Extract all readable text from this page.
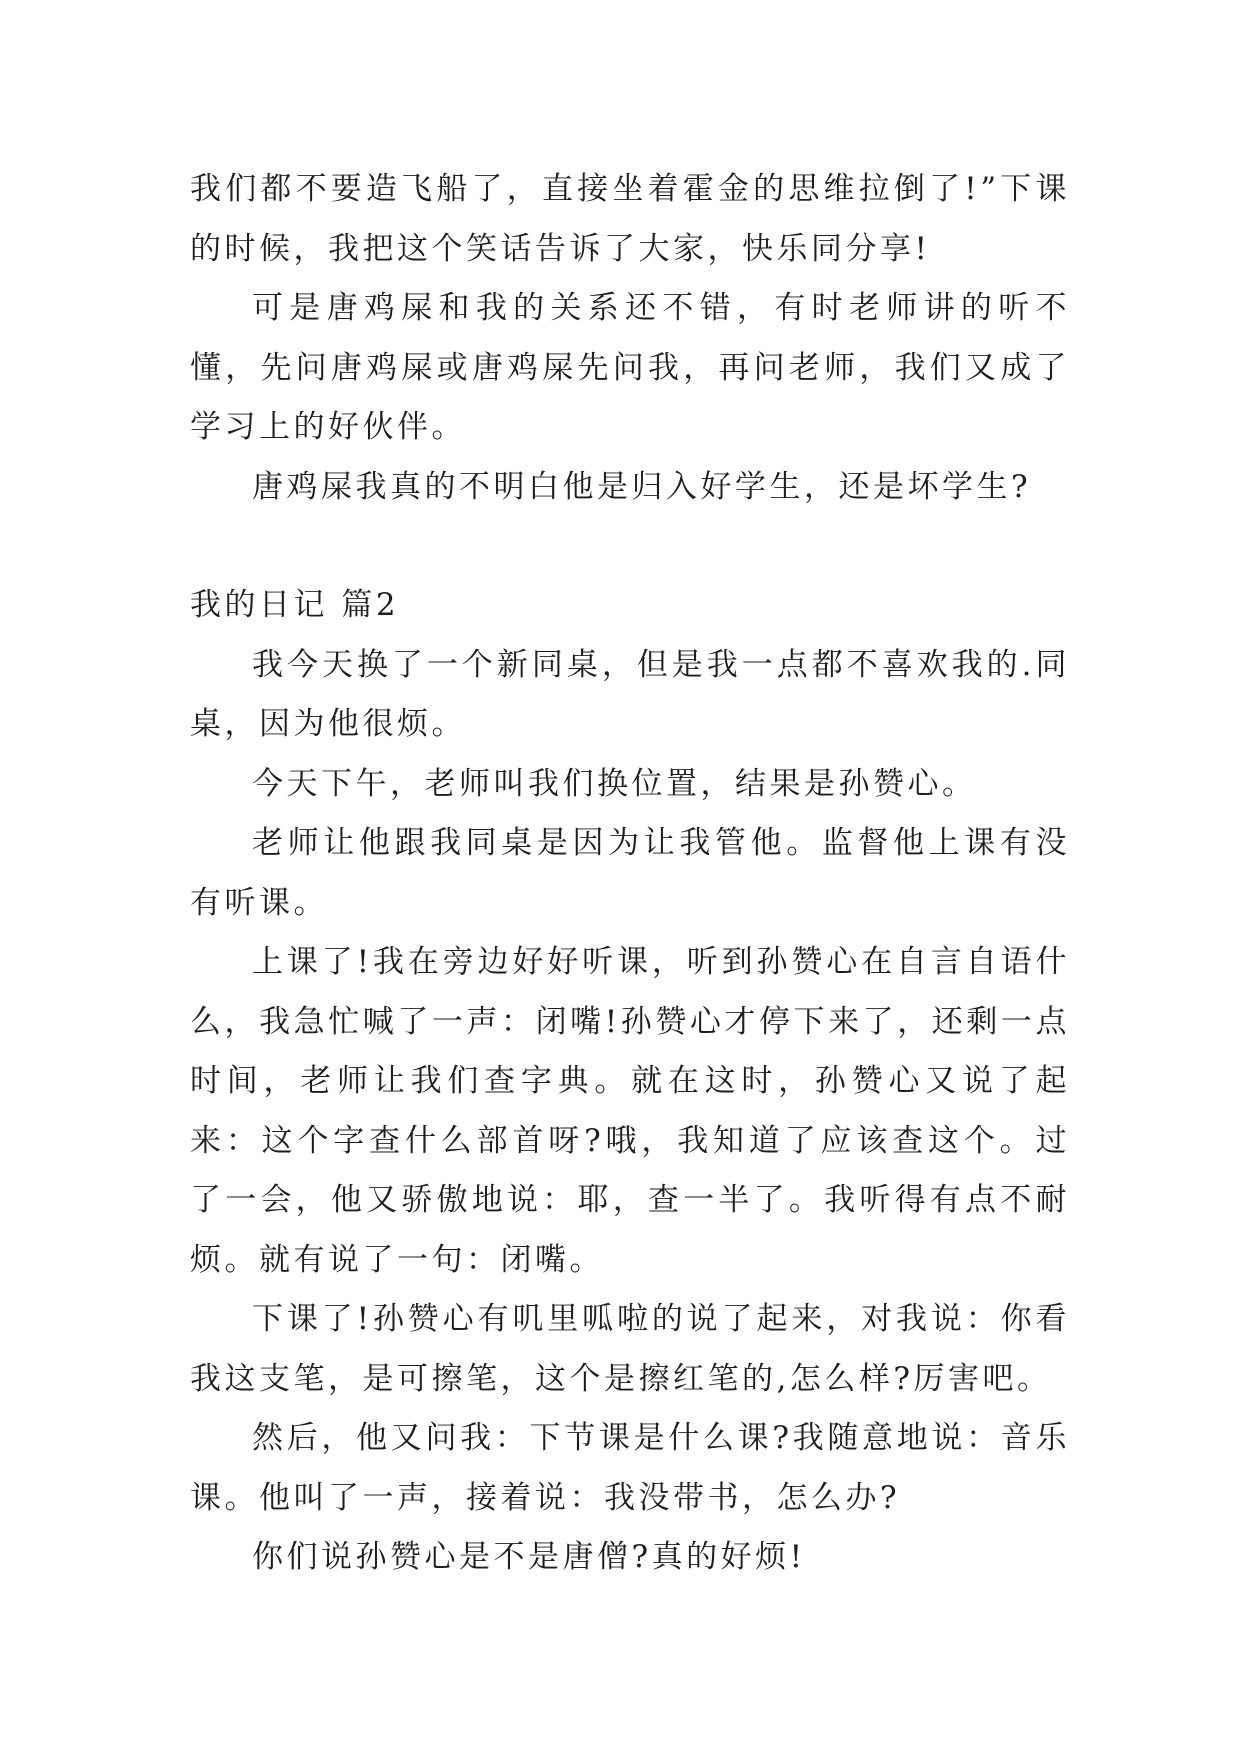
我们都不要造飞船了，直接坐着霍金的思维拉倒了!”下课的时候，我把这个笑话告诉了大家，快乐同分享!

可是唐鸡屎和我的关系还不错，有时老师讲的听不懂，先问唐鸡屎或唐鸡屎先问我，再问老师，我们又成了学习上的好伙伴。

唐鸡屎我真的不明白他是归入好学生，还是坏学生?

我的日记 篇2

我今天换了一个新同桌，但是我一点都不喜欢我的.同桌，因为他很烦。

今天下午，老师叫我们换位置，结果是孙赞心。

老师让他跟我同桌是因为让我管他。监督他上课有没有听课。

上课了!我在旁边好好听课，听到孙赞心在自言自语什么，我急忙喊了一声：闭嘴!孙赞心才停下来了，还剩一点时间，老师让我们查字典。就在这时，孙赞心又说了起来：这个字查什么部首呀?哦，我知道了应该查这个。过了一会，他又骄傲地说：耶，查一半了。我听得有点不耐烦。就有说了一句：闭嘴。

下课了!孙赞心有叽里呱啦的说了起来，对我说：你看我这支笔，是可擦笔，这个是擦红笔的,怎么样?厉害吧。

然后，他又问我：下节课是什么课?我随意地说：音乐课。他叫了一声，接着说：我没带书，怎么办?

你们说孙赞心是不是唐僧?真的好烦!
